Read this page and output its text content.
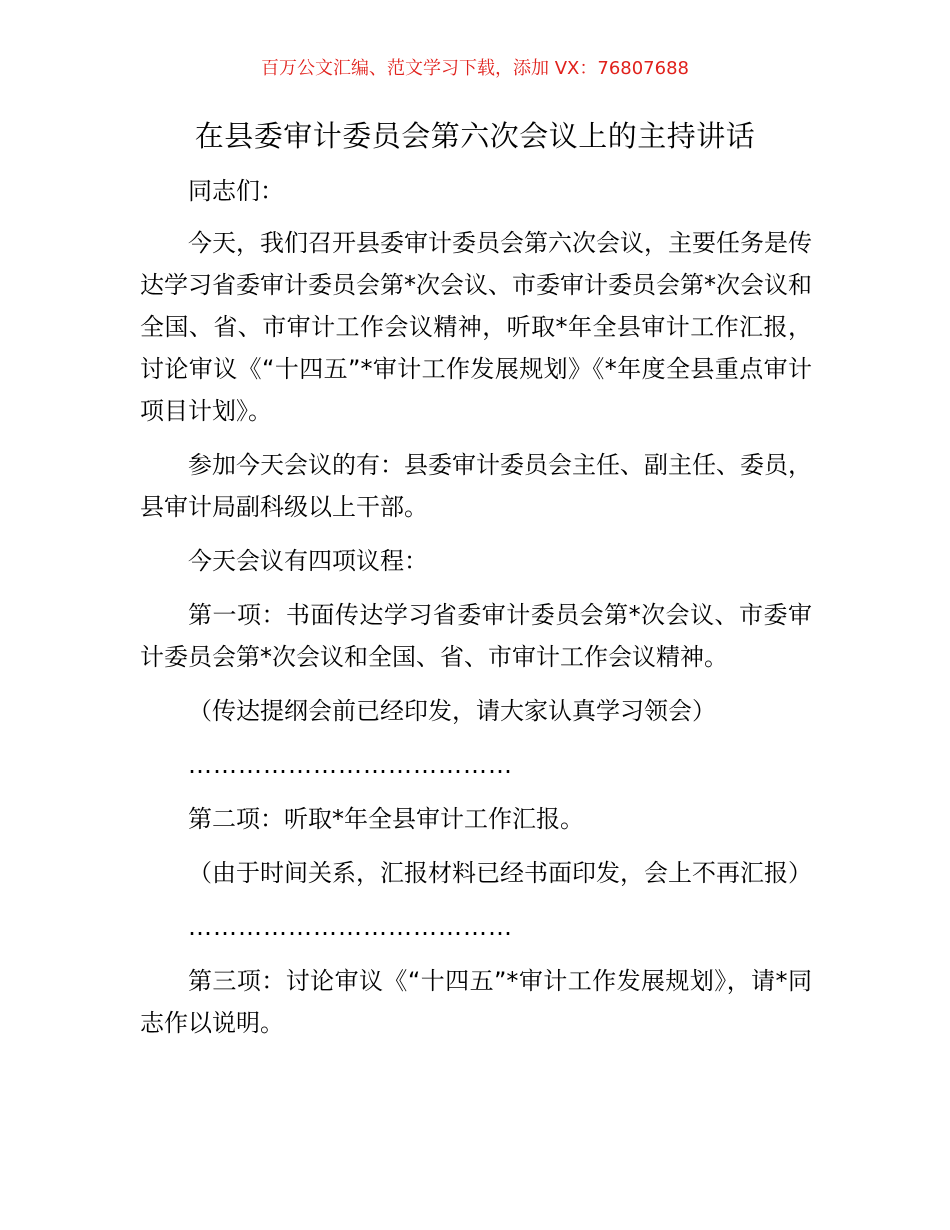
百万公文汇编、范文学习下载，添加 VX：76807688
在县委审计委员会第六次会议上的主持讲话

同志们：

今天，我们召开县委审计委员会第六次会议，主要任务是传达学习省委审计委员会第*次会议、市委审计委员会第*次会议和全国、省、市审计工作会议精神，听取*年全县审计工作汇报，讨论审议《“十四五”*审计工作发展规划》《*年度全县重点审计项目计划》。

参加今天会议的有：县委审计委员会主任、副主任、委员，县审计局副科级以上干部。

今天会议有四项议程：

第一项：书面传达学习省委审计委员会第*次会议、市委审计委员会第*次会议和全国、省、市审计工作会议精神。

（传达提纲会前已经印发，请大家认真学习领会）

…………………………………

第二项：听取*年全县审计工作汇报。

（由于时间关系，汇报材料已经书面印发，会上不再汇报）

…………………………………

第三项：讨论审议《“十四五”*审计工作发展规划》，请*同志作以说明。
